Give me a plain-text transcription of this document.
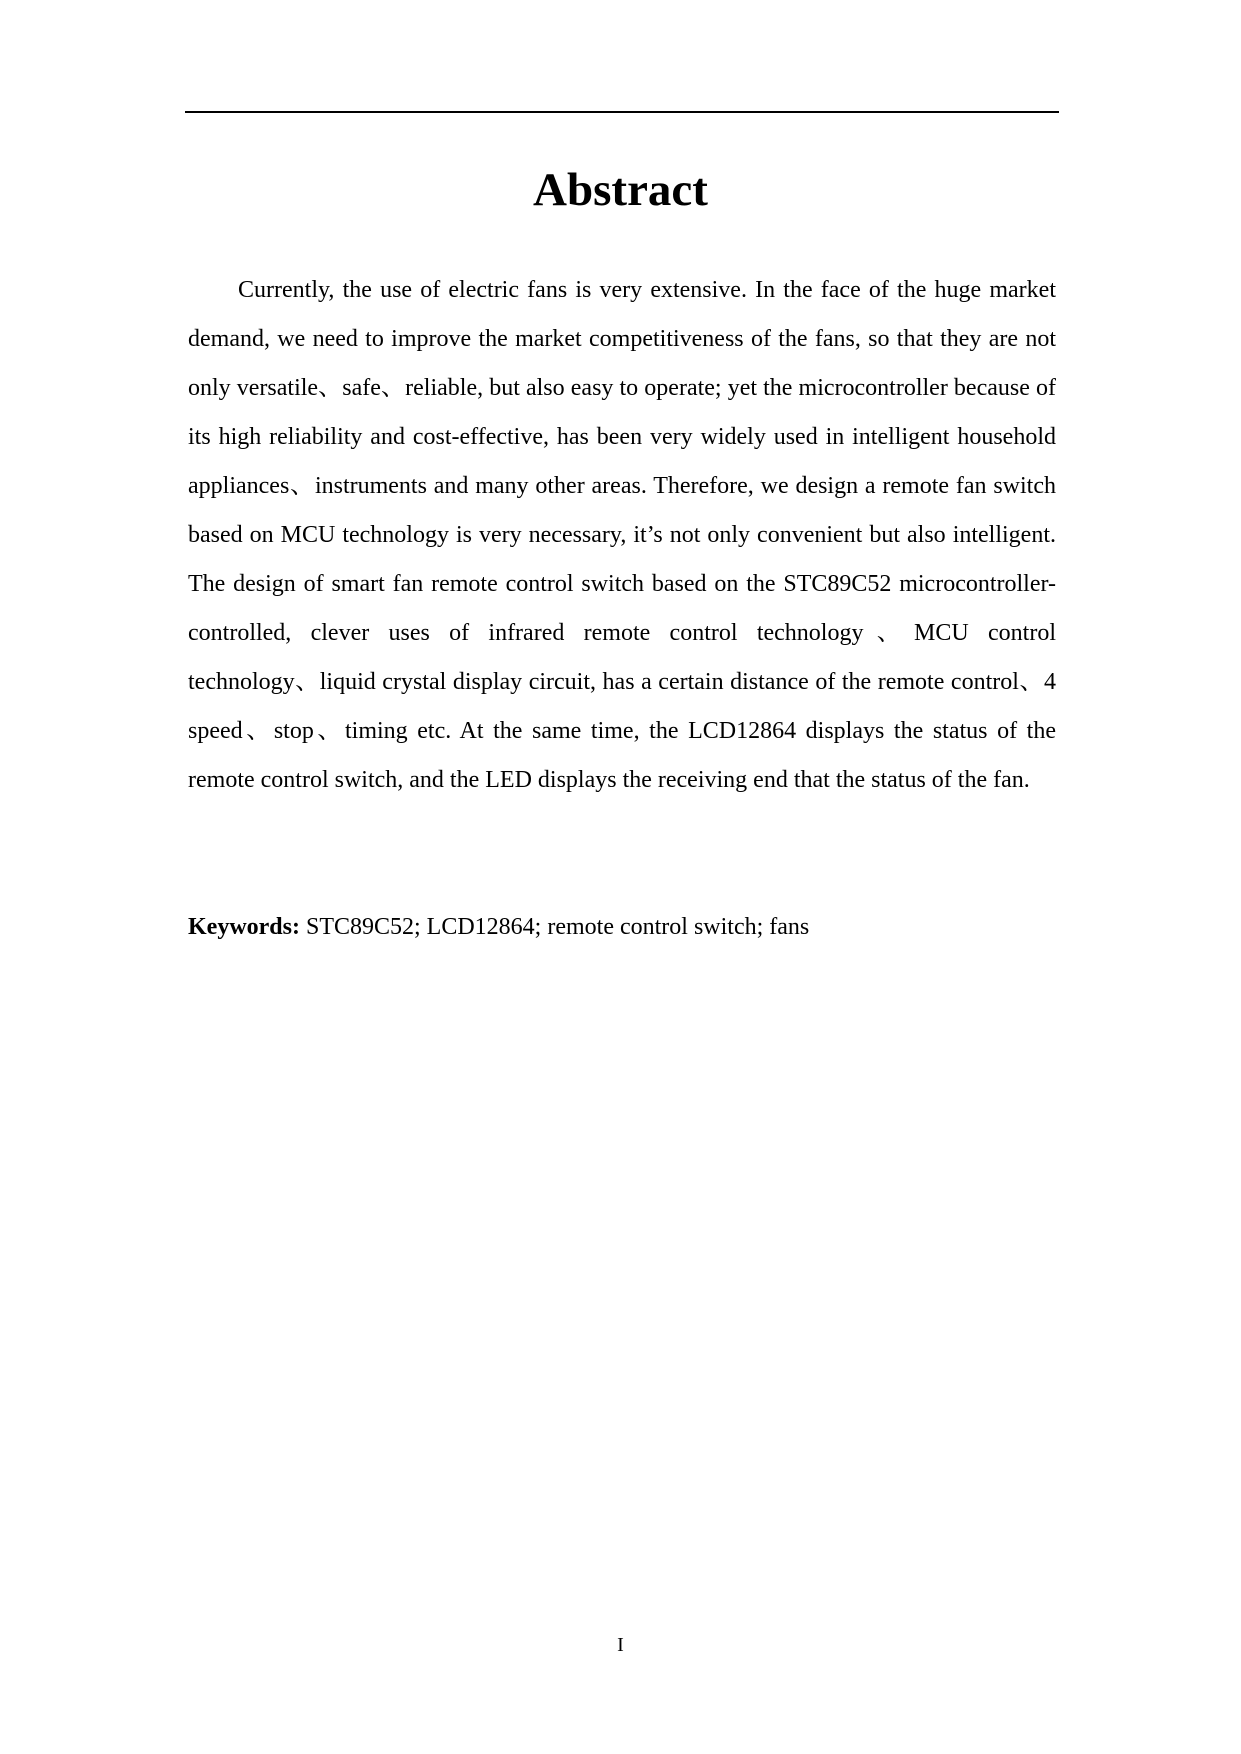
Abstract

Currently, the use of electric fans is very extensive. In the face of the huge market demand, we need to improve the market competitiveness of the fans, so that they are not only versatile、safe、reliable, but also easy to operate; yet the microcontroller because of its high reliability and cost-effective, has been very widely used in intelligent household appliances、instruments and many other areas. Therefore, we design a remote fan switch based on MCU technology is very necessary, it’s not only convenient but also intelligent. The design of smart fan remote control switch based on the STC89C52 microcontroller-controlled, clever uses of infrared remote control technology、MCU control technology、liquid crystal display circuit, has a certain distance of the remote control、4 speed、stop、timing etc. At the same time, the LCD12864 displays the status of the remote control switch, and the LED displays the receiving end that the status of the fan.

Keywords: STC89C52; LCD12864; remote control switch; fans
I
